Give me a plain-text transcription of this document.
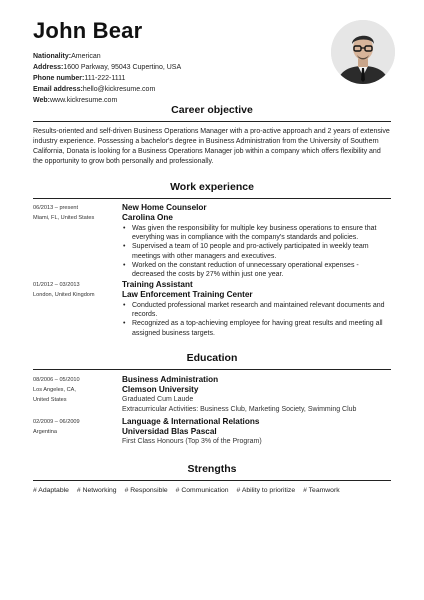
John Bear
Nationality:American
Address:1600 Parkway, 95043 Cupertino, USA
Phone number:111-222-1111
Email address:hello@kickresume.com
Web:www.kickresume.com
Career objective
Results-oriented and self-driven Business Operations Manager with a pro-active approach and 2 years of extensive industry experience. Possessing a bachelor's degree in Business Administration from the University of Southern California, Donata is looking for a Business Operations Manager job within a company which offers flexibility and the opportunity to grow both personally and professionally.
Work experience
06/2013 – present
Miami, FL, United States
New Home Counselor
Carolina One
• Was given the responsibility for multiple key business operations to ensure that everything was in compliance with the company's standards and policies.
• Supervised a team of 10 people and pro-actively participated in weekly team meetings with other managers and executives.
• Worked on the constant reduction of unnecessary operational expenses - decreased the costs by 27% within just one year.
01/2012 – 03/2013
London, United Kingdom
Training Assistant
Law Enforcement Training Center
• Conducted professional market research and maintained relevant documents and records.
• Recognized as a top-achieving employee for having great results and meeting all assigned business targets.
Education
08/2006 – 05/2010
Los Angeles, CA,
United States
Business Administration
Clemson University
Graduated Cum Laude
Extracurricular Activities: Business Club, Marketing Society, Swimming Club
02/2009 – 06/2009
Argentina
Language & International Relations
Universidad Blas Pascal
First Class Honours (Top 3% of the Program)
Strengths
# Adaptable # Networking # Responsible # Communication # Ability to prioritize # Teamwork
